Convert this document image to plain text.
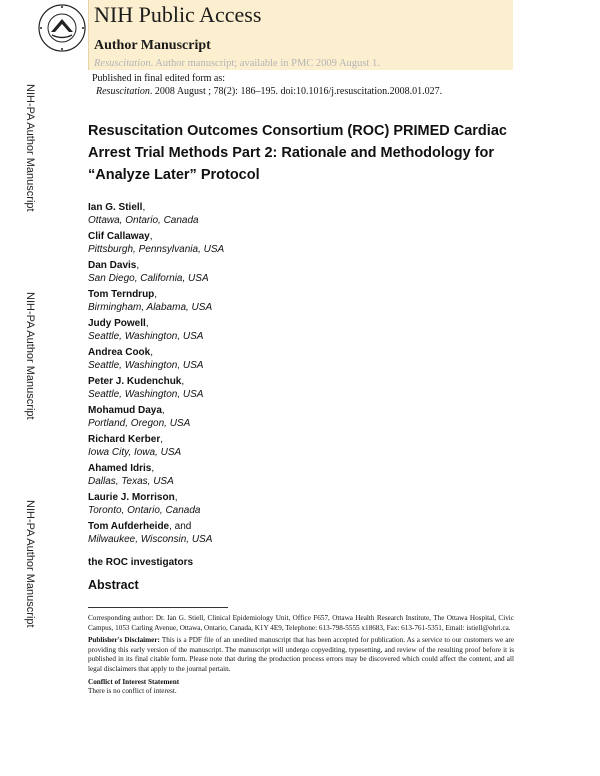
NIH Public Access
Author Manuscript
Resuscitation. Author manuscript; available in PMC 2009 August 1.
Published in final edited form as:
Resuscitation. 2008 August ; 78(2): 186–195. doi:10.1016/j.resuscitation.2008.01.027.
NIH-PA Author Manuscript
NIH-PA Author Manuscript
NIH-PA Author Manuscript
Resuscitation Outcomes Consortium (ROC) PRIMED Cardiac
Arrest Trial Methods Part 2: Rationale and Methodology for
“Analyze Later” Protocol
Ian G. Stiell,
Ottawa, Ontario, Canada
Clif Callaway,
Pittsburgh, Pennsylvania, USA
Dan Davis,
San Diego, California, USA
Tom Terndrup,
Birmingham, Alabama, USA
Judy Powell,
Seattle, Washington, USA
Andrea Cook,
Seattle, Washington, USA
Peter J. Kudenchuk,
Seattle, Washington, USA
Mohamud Daya,
Portland, Oregon, USA
Richard Kerber,
Iowa City, Iowa, USA
Ahamed Idris,
Dallas, Texas, USA
Laurie J. Morrison,
Toronto, Ontario, Canada
Tom Aufderheide, and
Milwaukee, Wisconsin, USA
the ROC investigators
Abstract

Corresponding author: Dr. Ian G. Stiell, Clinical Epidemiology Unit, Office F657, Ottawa Health Research Institute, The Ottawa Hospital, Civic Campus, 1053 Carling Avenue, Ottawa, Ontario, Canada, K1Y 4E9, Telephone: 613-798-5555 x18683, Fax: 613-761-5351, Email: istiell@ohri.ca.

Publisher's Disclaimer: This is a PDF file of an unedited manuscript that has been accepted for publication. As a service to our customers we are providing this early version of the manuscript. The manuscript will undergo copyediting, typesetting, and review of the resulting proof before it is published in its final citable form. Please note that during the production process errors may be discovered which could affect the content, and all legal disclaimers that apply to the journal pertain.

Conflict of Interest Statement

There is no conflict of interest.
